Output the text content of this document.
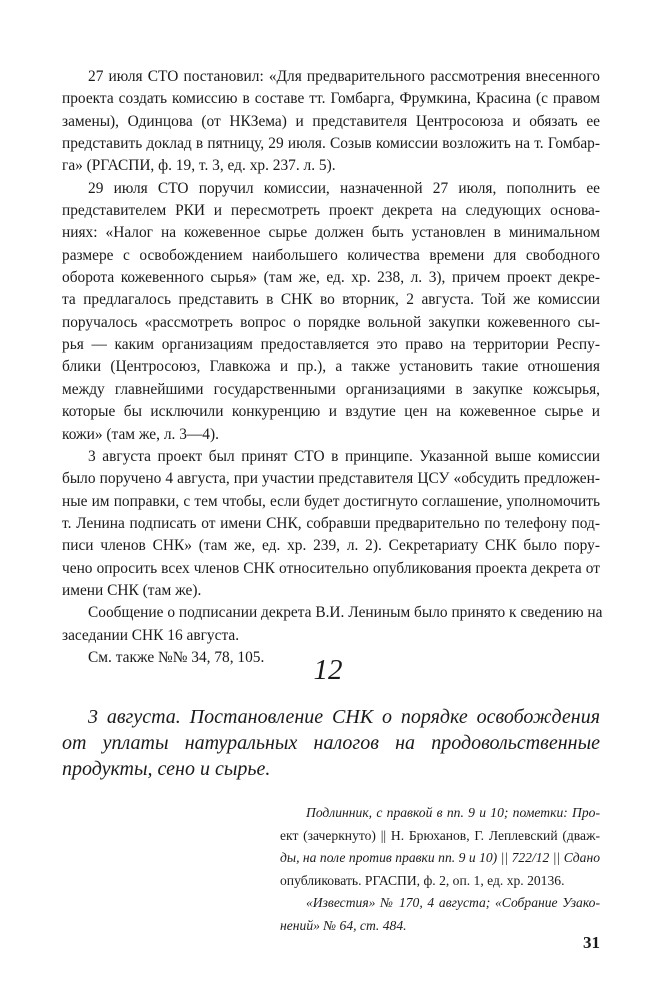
27 июля СТО постановил: «Для предварительного рассмотрения внесенного
проекта создать комиссию в составе тт. Гомбарга, Фрумкина, Красина (с правом
замены), Одинцова (от НКЗема) и представителя Центросоюза и обязать ее
представить доклад в пятницу, 29 июля. Созыв комиссии возложить на т. Гомбар-
га» (РГАСПИ, ф. 19, т. 3, ед. хр. 237. л. 5).
29 июля СТО поручил комиссии, назначенной 27 июля, пополнить ее
представителем РКИ и пересмотреть проект декрета на следующих основа-
ниях: «Налог на кожевенное сырье должен быть установлен в минимальном
размере с освобождением наибольшего количества времени для свободного
оборота кожевенного сырья» (там же, ед. хр. 238, л. 3), причем проект декре-
та предлагалось представить в СНК во вторник, 2 августа. Той же комиссии
поручалось «рассмотреть вопрос о порядке вольной закупки кожевенного сы-
рья — каким организациям предоставляется это право на территории Респу-
блики (Центросоюз, Главкожа и пр.), а также установить такие отношения
между главнейшими государственными организациями в закупке кожсырья,
которые бы исключили конкуренцию и вздутие цен на кожевенное сырье и
кожи» (там же, л. 3—4).
3 августа проект был принят СТО в принципе. Указанной выше комиссии
было поручено 4 августа, при участии представителя ЦСУ «обсудить предложен-
ные им поправки, с тем чтобы, если будет достигнуто соглашение, уполномочить
т. Ленина подписать от имени СНК, собравши предварительно по телефону под-
писи членов СНК» (там же, ед. хр. 239, л. 2). Секретариату СНК было пору-
чено опросить всех членов СНК относительно опубликования проекта декрета от
имени СНК (там же).
Сообщение о подписании декрета В.И. Лениным было принято к сведению на
заседании СНК 16 августа.
См. также №№ 34, 78, 105.	12
3 августа. Постановление СНК о порядке освобождения
от уплаты натуральных налогов на продовольственные
продукты, сено и сырье.
Подлинник, с правкой в пп. 9 и 10; пометки: Про-
ект (зачеркнуто) || Н. Брюханов, Г. Леплевский (дваж-
ды, на поле против правки пп. 9 и 10) || 722/12 || Сдано
опубликовать. РГАСПИ, ф. 2, оп. 1, ед. хр. 20136.
«Известия» № 170, 4 августа; «Собрание Узако-
нений» № 64, ст. 484.
31
